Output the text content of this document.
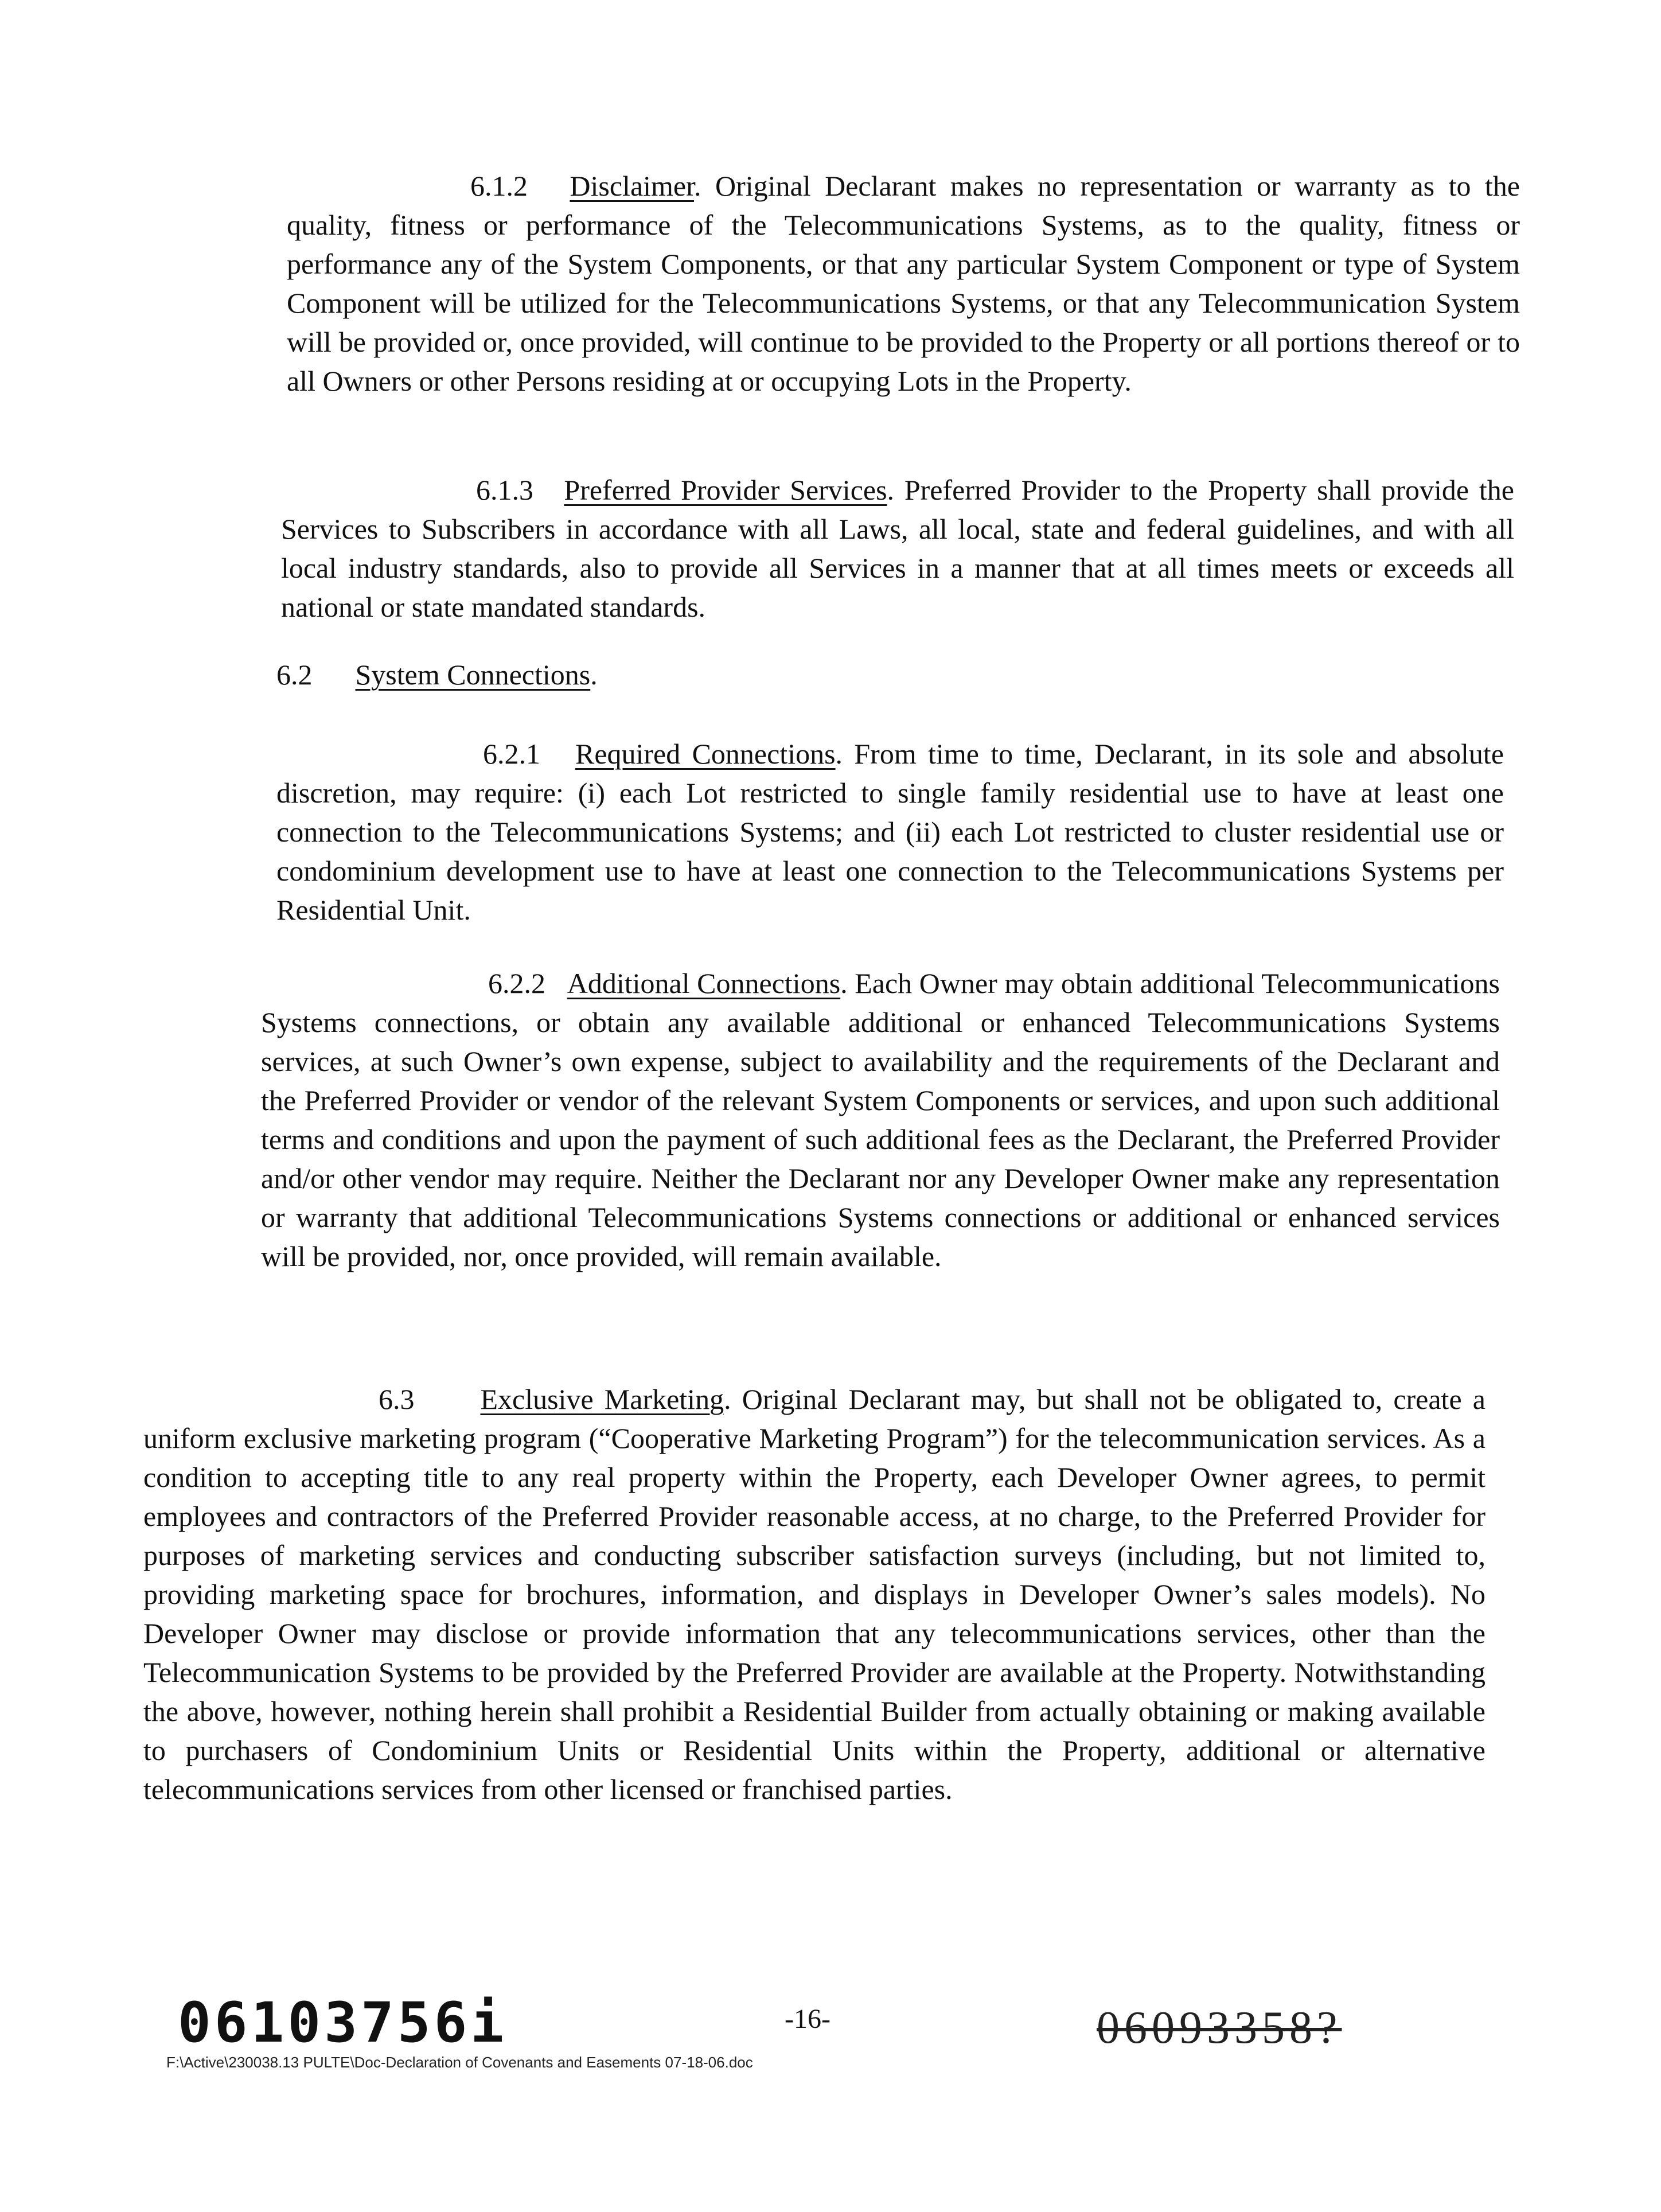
6.1.2 Disclaimer. Original Declarant makes no representation or warranty as to the quality, fitness or performance of the Telecommunications Systems, as to the quality, fitness or performance any of the System Components, or that any particular System Component or type of System Component will be utilized for the Telecommunications Systems, or that any Telecommunication System will be provided or, once provided, will continue to be provided to the Property or all portions thereof or to all Owners or other Persons residing at or occupying Lots in the Property.

6.1.3 Preferred Provider Services. Preferred Provider to the Property shall provide the Services to Subscribers in accordance with all Laws, all local, state and federal guidelines, and with all local industry standards, also to provide all Services in a manner that at all times meets or exceeds all national or state mandated standards.

6.2 System Connections.

6.2.1 Required Connections. From time to time, Declarant, in its sole and absolute discretion, may require: (i) each Lot restricted to single family residential use to have at least one connection to the Telecommunications Systems; and (ii) each Lot restricted to cluster residential use or condominium development use to have at least one connection to the Telecommunications Systems per Residential Unit.

6.2.2 Additional Connections. Each Owner may obtain additional Telecommunications Systems connections, or obtain any available additional or enhanced Telecommunications Systems services, at such Owner’s own expense, subject to availability and the requirements of the Declarant and the Preferred Provider or vendor of the relevant System Components or services, and upon such additional terms and conditions and upon the payment of such additional fees as the Declarant, the Preferred Provider and/or other vendor may require. Neither the Declarant nor any Developer Owner make any representation or warranty that additional Telecommunications Systems connections or additional or enhanced services will be provided, nor, once provided, will remain available.

6.3 Exclusive Marketing. Original Declarant may, but shall not be obligated to, create a uniform exclusive marketing program (“Cooperative Marketing Program”) for the telecommunication services. As a condition to accepting title to any real property within the Property, each Developer Owner agrees, to permit employees and contractors of the Preferred Provider reasonable access, at no charge, to the Preferred Provider for purposes of marketing services and conducting subscriber satisfaction surveys (including, but not limited to, providing marketing space for brochures, information, and displays in Developer Owner’s sales models). No Developer Owner may disclose or provide information that any telecommunications services, other than the Telecommunication Systems to be provided by the Preferred Provider are available at the Property. Notwithstanding the above, however, nothing herein shall prohibit a Residential Builder from actually obtaining or making available to purchasers of Condominium Units or Residential Units within the Property, additional or alternative telecommunications services from other licensed or franchised parties.

06103756i	-16-
F:\Active\230038.13 PULTE\Doc-Declaration of Covenants and Easements 07-18-06.doc
06093358?
